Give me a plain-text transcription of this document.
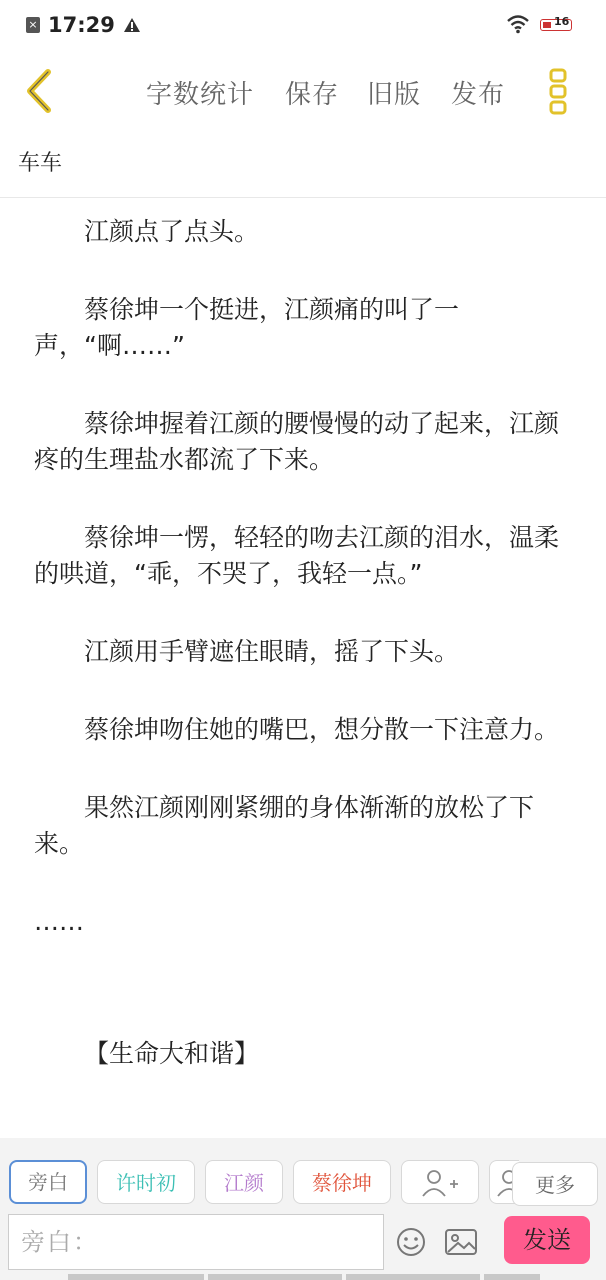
× 17:29	16
字数统计 保存 旧版 发布
车车

江颜点了点头。

蔡徐坤一个挺进，江颜痛的叫了一声，“啊……”

蔡徐坤握着江颜的腰慢慢的动了起来，江颜疼的生理盐水都流了下来。

蔡徐坤一愣，轻轻的吻去江颜的泪水，温柔的哄道，“乖，不哭了，我轻一点。”

江颜用手臂遮住眼睛，摇了下头。

蔡徐坤吻住她的嘴巴，想分散一下注意力。

果然江颜刚刚紧绷的身体渐渐的放松了下来。

……

【生命大和谐】

旁白	许时初	江颜	蔡徐坤	更多
旁白：	发送
